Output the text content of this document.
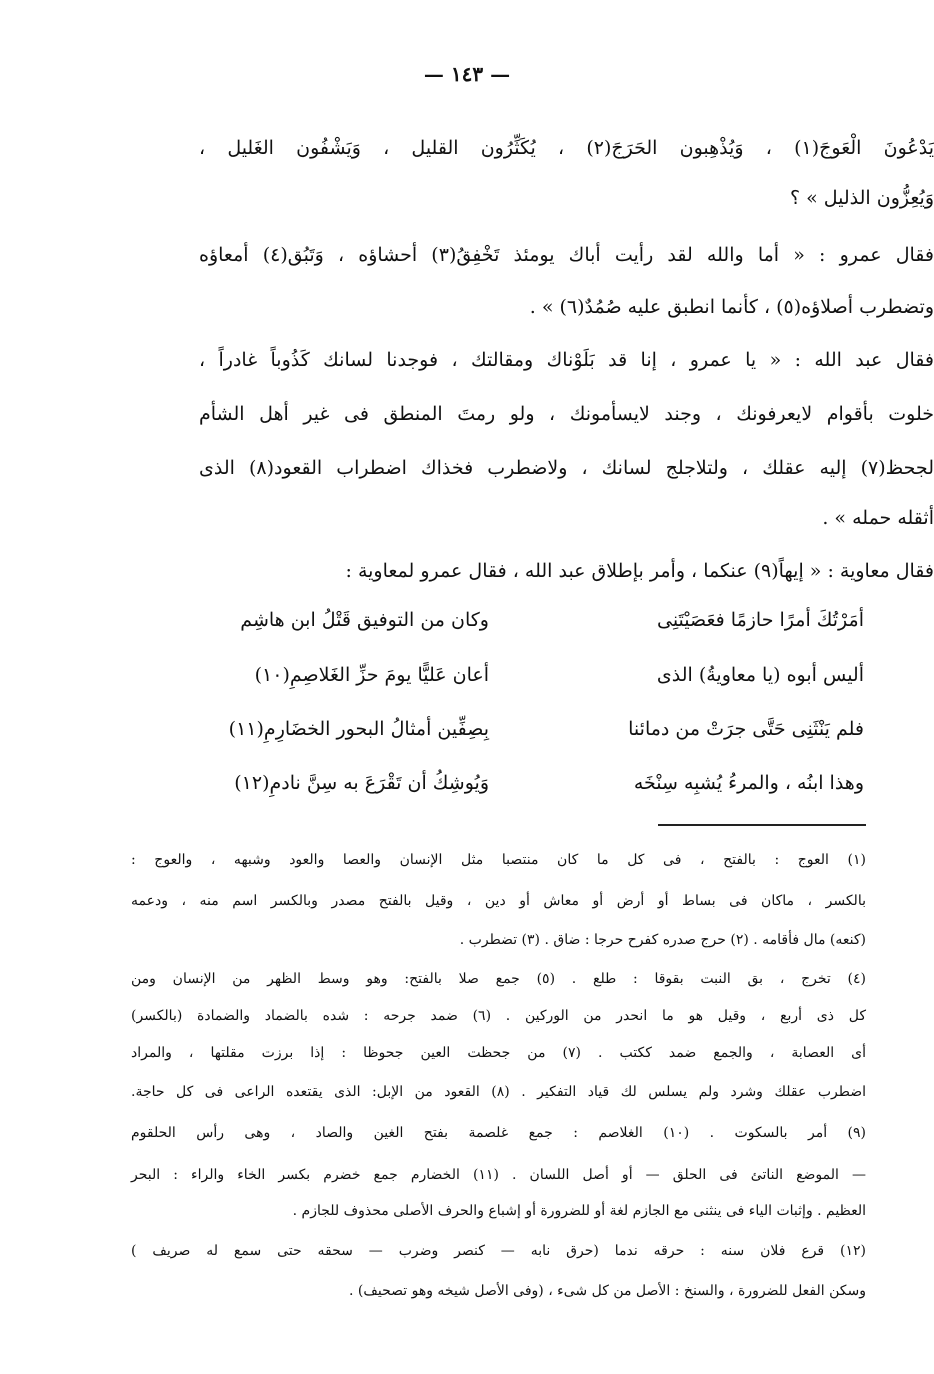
— ١٤٣ —
يَدْعُونَ الْعَوجَ(١) ، وَيُذْهِبون الحَرَجَ(٢) ، يُكَثِّرُون القليل ، وَيَشْفُون الغَليل ،
وَيُعِزُّون الذليل » ؟
فقال عمرو : « أما والله لقد رأيت أباك يومئذ تَخْفِقُ(٣) أحشاؤه ، وَتَبُق(٤) أمعاؤه
وتضطرب أصلاؤه(٥) ، كأنما انطبق عليه صُمُدٌ(٦) » .
فقال عبد الله : « يا عمرو ، إنا قد بَلَوْناك ومقالتك ، فوجدنا لسانك كَذُوباً غادراً ،
خلوت بأقوام لايعرفونك ، وجند لايسأمونك ، ولو رمتَ المنطق فى غير أهل الشأم
لجحظ(٧) إليه عقلك ، ولتلاجلج لسانك ، ولاضطرب فخذاك اضطراب القعود(٨) الذى
أثقله حمله » .
فقال معاوية : « إيهاً(٩) عنكما ، وأمر بإطلاق عبد الله ، فقال عمرو لمعاوية :
أمَرْتُكَ أمرًا حازمًا فعَصَيْتَنِى
وكان من التوفيق قَتْلُ ابن هاشِم
أليس أبوه (يا معاويةُ) الذى
أعان عَليًّا يومَ حزِّ الغَلاصِمِ(١٠)
فلم يَنْثَنِى حَتَّى جرَتْ من دمائنا
بِصِفِّين أمثالُ البحور الخضَارِمِ(١١)
وهذا ابنُه ، والمرءُ يُشبِه سِنْخَه
وَيُوشِكُ أن تَقْرَعَ به سِنَّ نادمِ(١٢)
(١) العوج : بالفتح ، فى كل ما كان منتصبا مثل الإنسان والعصا والعود وشبهه ، والعوج :
بالكسر ، ماكان فى بساط أو أرض أو معاش أو دين ، وقيل بالفتح مصدر وبالكسر اسم منه ، ودعمه
(كنعه) مال فأقامه . (٢) حرج صدره كفرح حرجا : ضاق . (٣) تضطرب .
(٤) تخرج ، بق النبت بقوقا : طلع . (٥) جمع صلا بالفتح: وهو وسط الظهر من الإنسان ومن
كل ذى أربع ، وقيل هو ما انحدر من الوركين . (٦) ضمد جرحه : شده بالضماد والضمادة (بالكسر)
أى العصابة ، والجمع ضمد ككتب . (٧) من جحظت العين جحوظا : إذا برزت مقلتها ، والمراد
اضطرب عقلك وشرد ولم يسلس لك قياد التفكير . (٨) القعود من الإبل: الذى يقتعده الراعى فى كل حاجة.
(٩) أمر بالسكوت . (١٠) الغلاصم : جمع غلصمة بفتح الغين والصاد ، وهى رأس الحلقوم
— الموضع الناتئ فى الحلق — أو أصل اللسان . (١١) الخضارم جمع خضرم بكسر الخاء والراء : البحر
العظيم . وإثبات الياء فى ينثنى مع الجازم لغة أو للضرورة أو إشباع والحرف الأصلى محذوف للجازم .
(١٢) قرع فلان سنه : حرقه ندما (حرق نابه — كنصر وضرب — سحقه حتى سمع له صريف )
وسكن الفعل للضرورة ، والسنخ : الأصل من كل شىء ، (وفى الأصل شيخه وهو تصحيف) .
